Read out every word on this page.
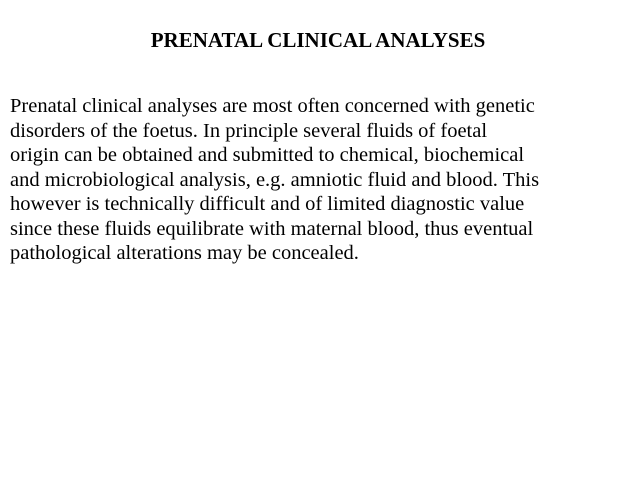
PRENATAL CLINICAL ANALYSES

Prenatal clinical analyses are most often concerned with genetic
disorders of the foetus. In principle several fluids of foetal
origin can be obtained and submitted to chemical, biochemical
and microbiological analysis, e.g. amniotic fluid and blood. This
however is technically difficult and of limited diagnostic value
since these fluids equilibrate with maternal blood, thus eventual
pathological alterations may be concealed.
